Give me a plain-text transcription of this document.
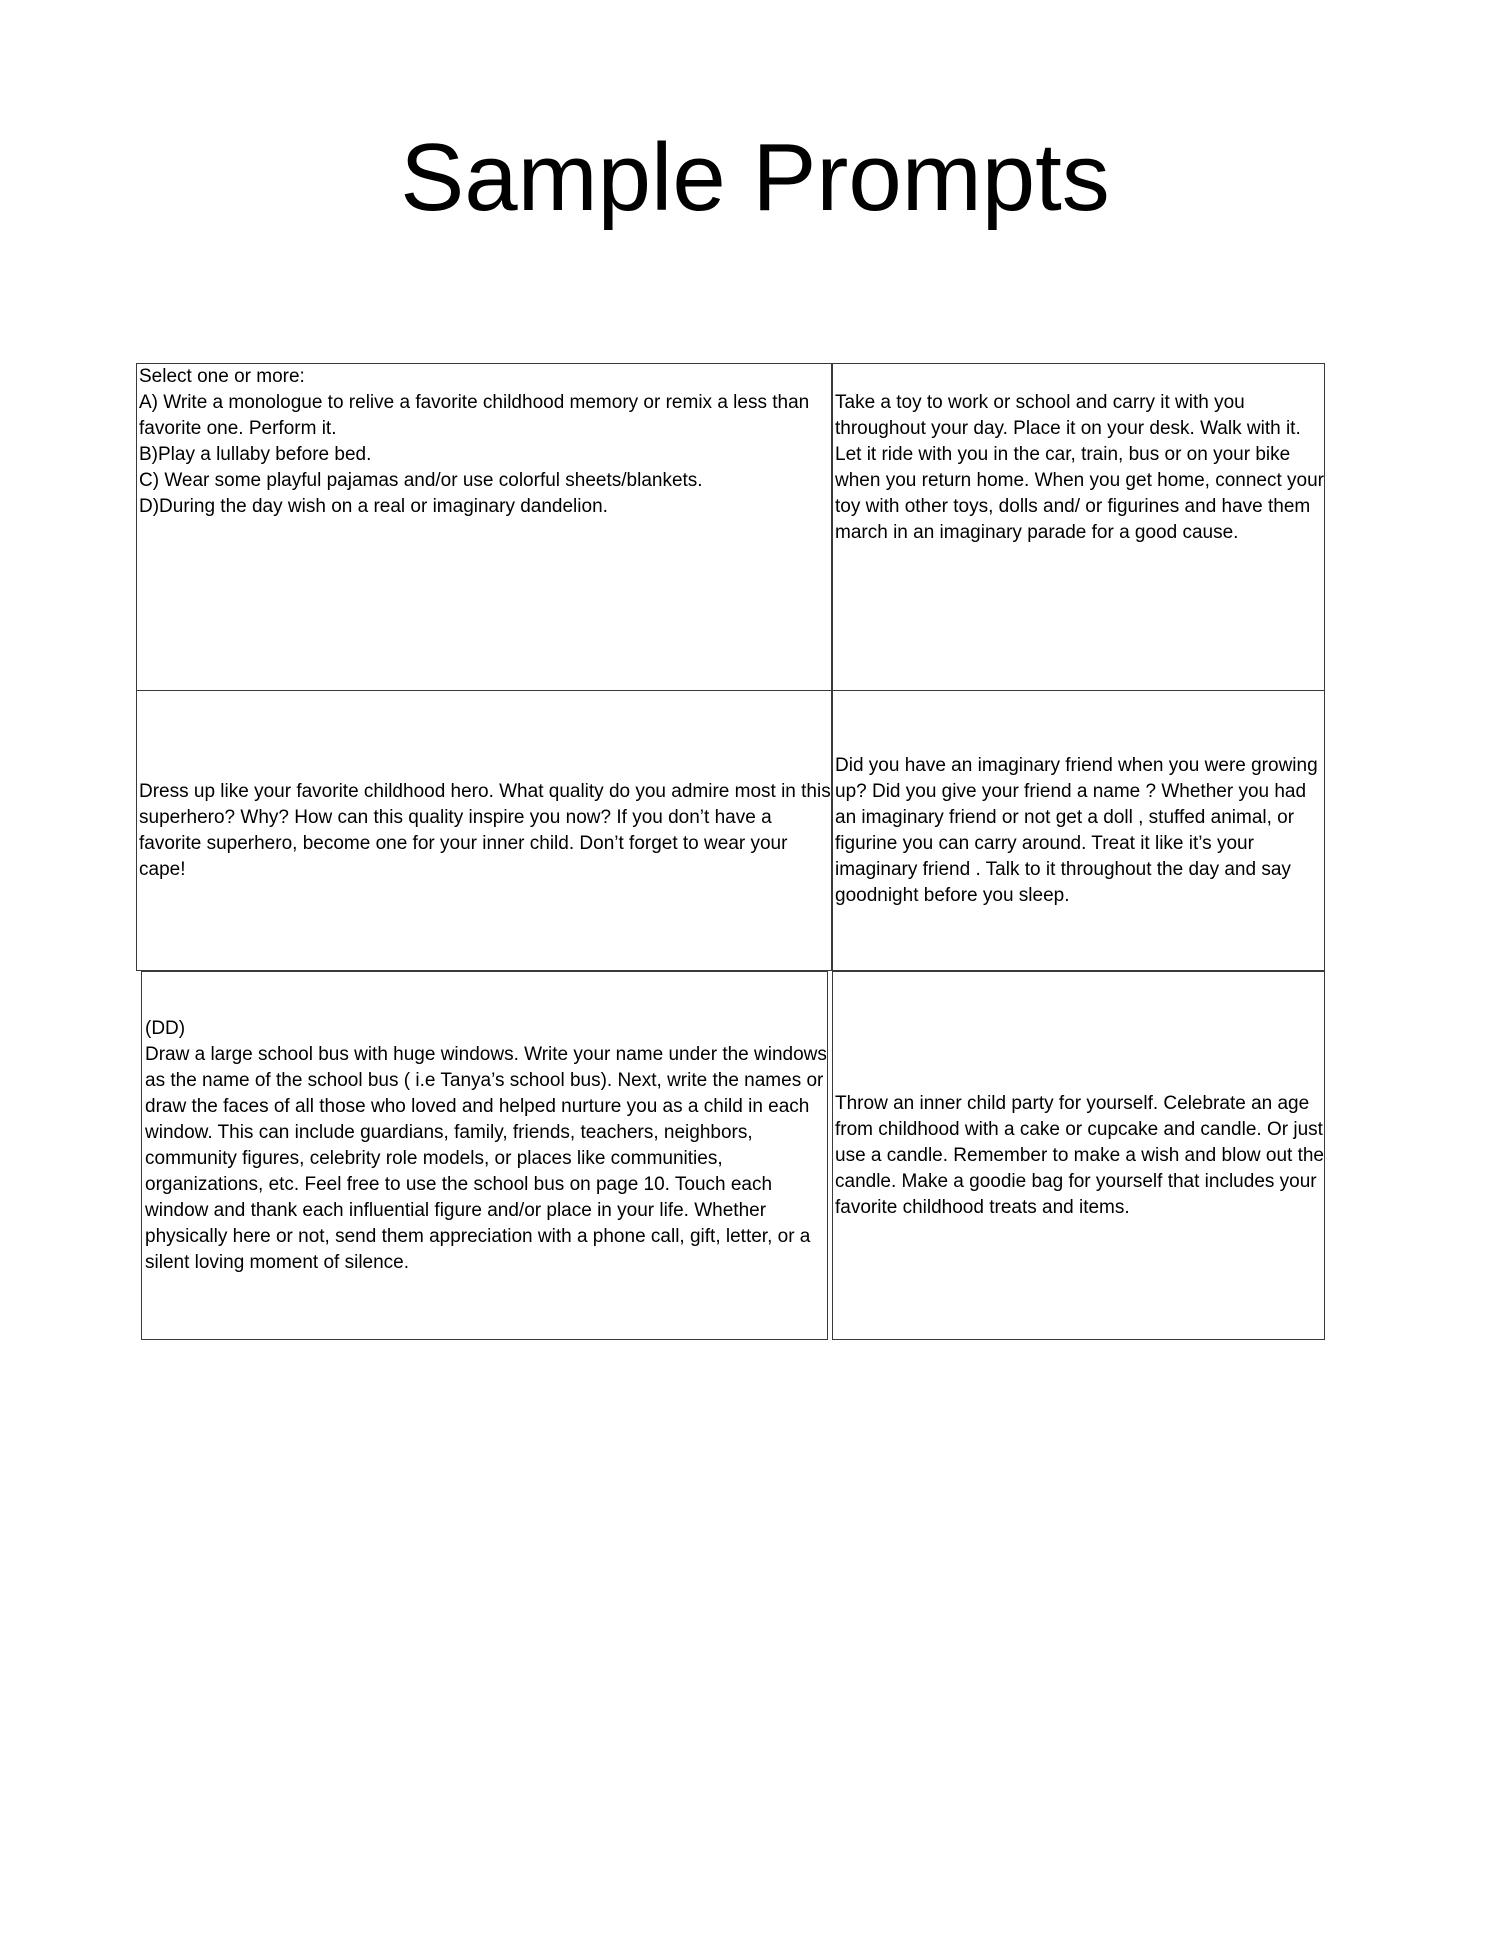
Sample Prompts

Select one or more:
A) Write a monologue to relive a favorite childhood memory or remix a less than favorite one. Perform it.
B)Play a lullaby before bed.
C) Wear some playful pajamas and/or use colorful sheets/blankets.
D)During the day wish on a real or imaginary dandelion.

Take a toy to work or school and carry it with you throughout your day. Place it on your desk. Walk with it. Let it ride with you in the car, train, bus or on your bike when you return home. When you get home, connect your toy with other toys, dolls and/ or figurines and have them march in an imaginary parade for a good cause.

Dress up like your favorite childhood hero. What quality do you admire most in this superhero? Why? How can this quality inspire you now? If you don’t have a favorite superhero, become one for your inner child. Don’t forget to wear your cape!

Did you have an imaginary friend when you were growing up? Did you give your friend a name ? Whether you had an imaginary friend or not get a doll , stuffed animal, or figurine you can carry around. Treat it like it’s your imaginary friend . Talk to it throughout the day and say goodnight before you sleep.

(DD)
Draw a large school bus with huge windows. Write your name under the windows as the name of the school bus ( i.e Tanya’s school bus). Next, write the names or draw the faces of all those who loved and helped nurture you as a child in each window. This can include guardians, family, friends, teachers, neighbors, community figures, celebrity role models, or places like communities, organizations, etc. Feel free to use the school bus on page 10. Touch each window and thank each influential figure and/or place in your life. Whether physically here or not, send them appreciation with a phone call, gift, letter, or a silent loving moment of silence.

Throw an inner child party for yourself. Celebrate an age from childhood with a cake or cupcake and candle. Or just use a candle. Remember to make a wish and blow out the candle. Make a goodie bag for yourself that includes your favorite childhood treats and items.
